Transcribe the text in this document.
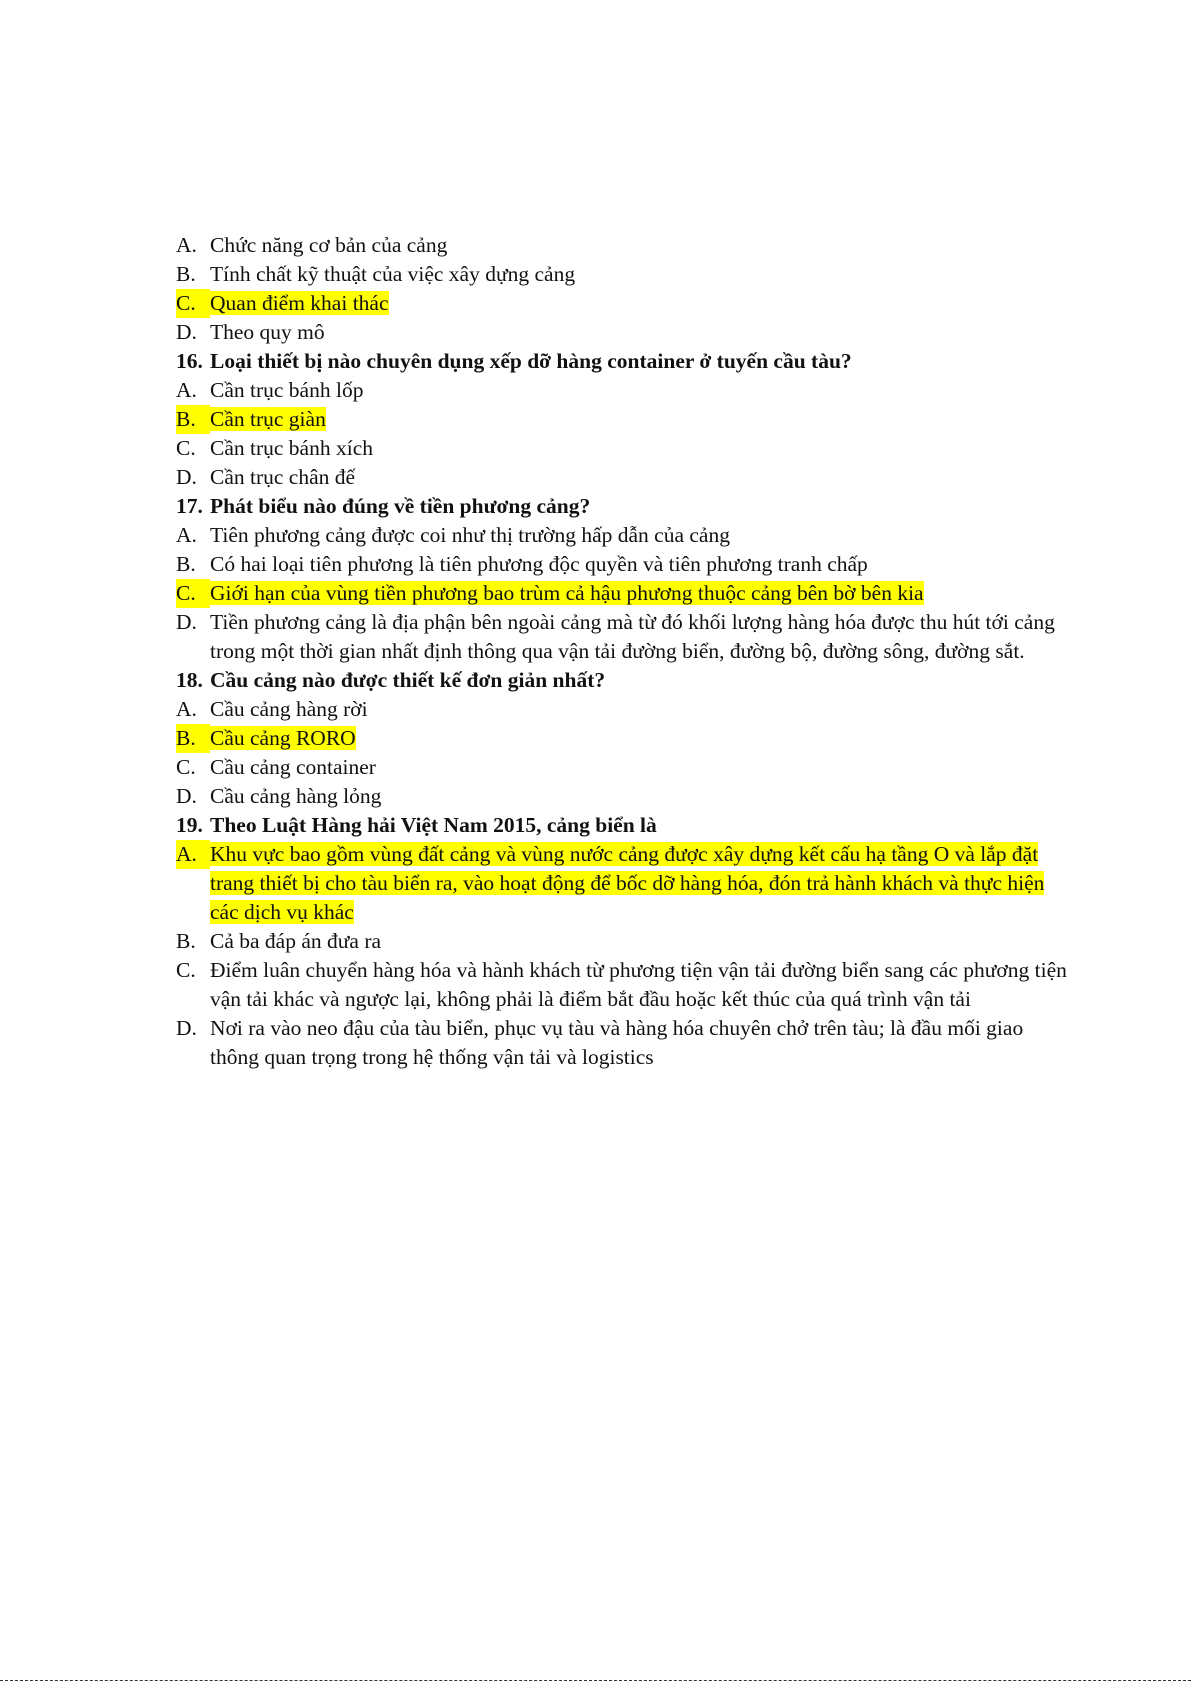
A. Chức năng cơ bản của cảng
B. Tính chất kỹ thuật của việc xây dựng cảng
C. Quan điểm khai thác
D. Theo quy mô
16. Loại thiết bị nào chuyên dụng xếp dỡ hàng container ở tuyến cầu tàu?
A. Cần trục bánh lốp
B. Cần trục giàn
C. Cần trục bánh xích
D. Cần trục chân đế
17. Phát biểu nào đúng về tiền phương cảng?
A. Tiên phương cảng được coi như thị trường hấp dẫn của cảng
B. Có hai loại tiên phương là tiên phương độc quyền và tiên phương tranh chấp
C. Giới hạn của vùng tiền phương bao trùm cả hậu phương thuộc cảng bên bờ bên kia
D. Tiền phương cảng là địa phận bên ngoài cảng mà từ đó khối lượng hàng hóa được thu hút tới cảng trong một thời gian nhất định thông qua vận tải đường biển, đường bộ, đường sông, đường sắt.
18. Cầu cảng nào được thiết kế đơn giản nhất?
A. Cầu cảng hàng rời
B. Cầu cảng RORO
C. Cầu cảng container
D. Cầu cảng hàng lỏng
19. Theo Luật Hàng hải Việt Nam 2015, cảng biển là
A. Khu vực bao gồm vùng đất cảng và vùng nước cảng được xây dựng kết cấu hạ tầng O và lắp đặt trang thiết bị cho tàu biển ra, vào hoạt động để bốc dỡ hàng hóa, đón trả hành khách và thực hiện các dịch vụ khác
B. Cả ba đáp án đưa ra
C. Điểm luân chuyển hàng hóa và hành khách từ phương tiện vận tải đường biển sang các phương tiện vận tải khác và ngược lại, không phải là điểm bắt đầu hoặc kết thúc của quá trình vận tải
D. Nơi ra vào neo đậu của tàu biển, phục vụ tàu và hàng hóa chuyên chở trên tàu; là đầu mối giao thông quan trọng trong hệ thống vận tải và logistics
